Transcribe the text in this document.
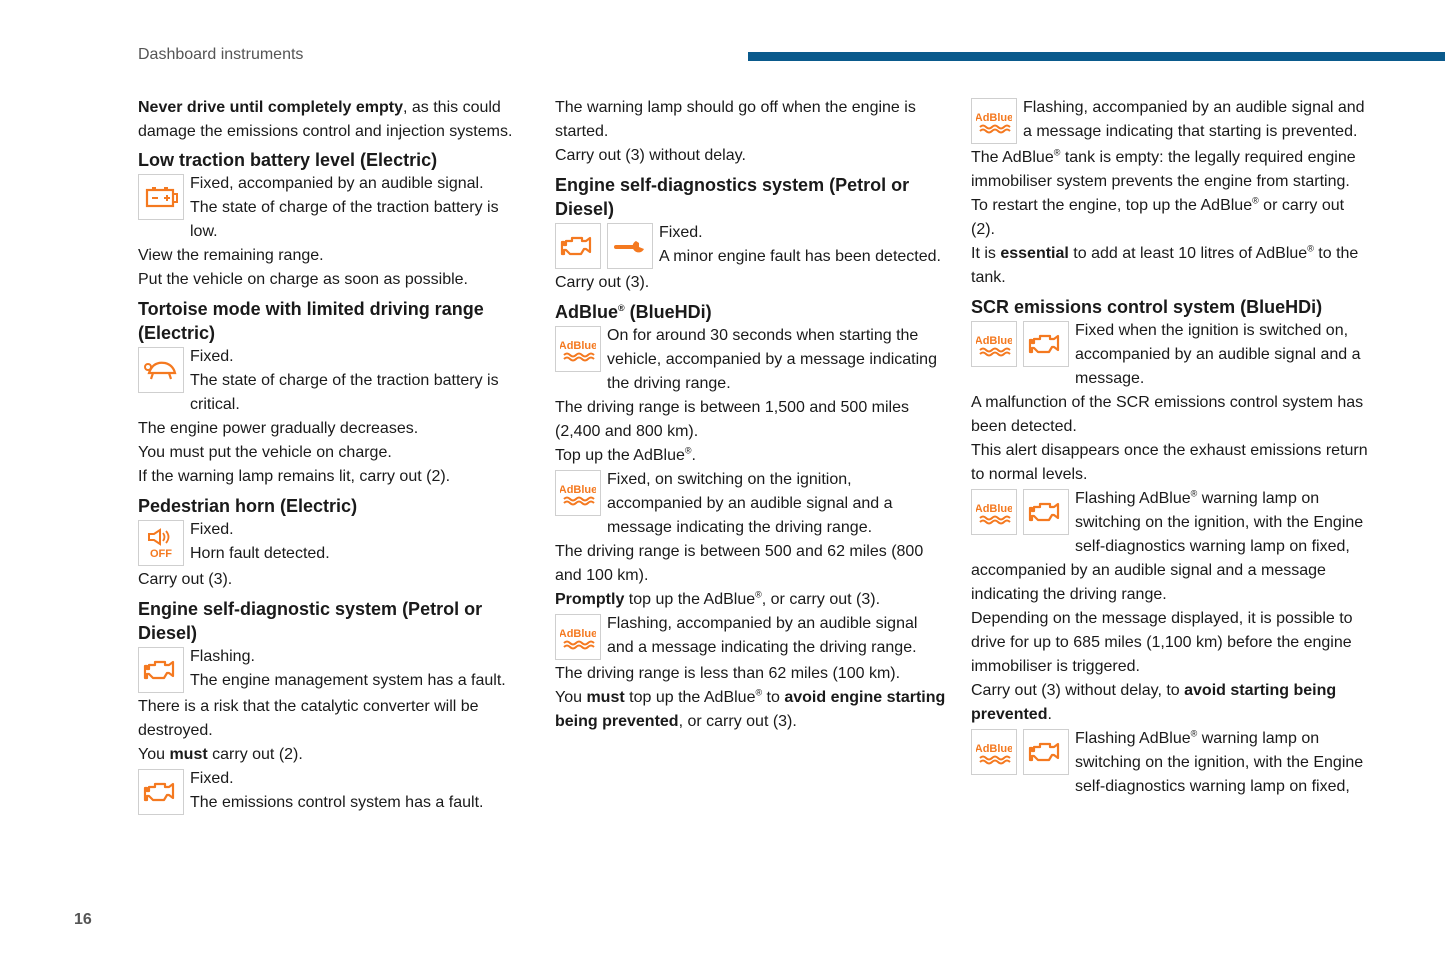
Dashboard instruments
16

Never drive until completely empty, as this could damage the emissions control and injection systems.

Low traction battery level (Electric)

Fixed, accompanied by an audible signal.

The state of charge of the traction battery is low.

View the remaining range.

Put the vehicle on charge as soon as possible.

Tortoise mode with limited driving range (Electric)

Fixed.

The state of charge of the traction battery is critical.

The engine power gradually decreases.

You must put the vehicle on charge.

If the warning lamp remains lit, carry out (2).

Pedestrian horn (Electric)
OFF

Fixed.

Horn fault detected.

Carry out (3).

Engine self-diagnostic system (Petrol or Diesel)

Flashing.

The engine management system has a fault.

There is a risk that the catalytic converter will be destroyed.

You must carry out (2).

Fixed.

The emissions control system has a fault.

The warning lamp should go off when the engine is started.

Carry out (3) without delay.

Engine self-diagnostics system (Petrol or Diesel)

Fixed.

A minor engine fault has been detected.

Carry out (3).

AdBlue® (BlueHDi)

On for around 30 seconds when starting the vehicle, accompanied by a message indicating the driving range.

The driving range is between 1,500 and 500 miles (2,400 and 800 km).

Top up the AdBlue®.

Fixed, on switching on the ignition, accompanied by an audible signal and a message indicating the driving range.

The driving range is between 500 and 62 miles (800 and 100 km).

Promptly top up the AdBlue®, or carry out (3).

Flashing, accompanied by an audible signal and a message indicating the driving range.

The driving range is less than 62 miles (100 km).

You must top up the AdBlue® to avoid engine starting being prevented, or carry out (3).

Flashing, accompanied by an audible signal and a message indicating that starting is prevented.

The AdBlue® tank is empty: the legally required engine immobiliser system prevents the engine from starting.

To restart the engine, top up the AdBlue® or carry out (2).

It is essential to add at least 10 litres of AdBlue® to the tank.

SCR emissions control system (BlueHDi)

Fixed when the ignition is switched on, accompanied by an audible signal and a message.

A malfunction of the SCR emissions control system has been detected.

This alert disappears once the exhaust emissions return to normal levels.

Flashing AdBlue® warning lamp on switching on the ignition, with the Engine self-diagnostics warning lamp on fixed, accompanied by an audible signal and a message indicating the driving range.

Depending on the message displayed, it is possible to drive for up to 685 miles (1,100 km) before the engine immobiliser is triggered.

Carry out (3) without delay, to avoid starting being prevented.

Flashing AdBlue® warning lamp on switching on the ignition, with the Engine self-diagnostics warning lamp on fixed,
